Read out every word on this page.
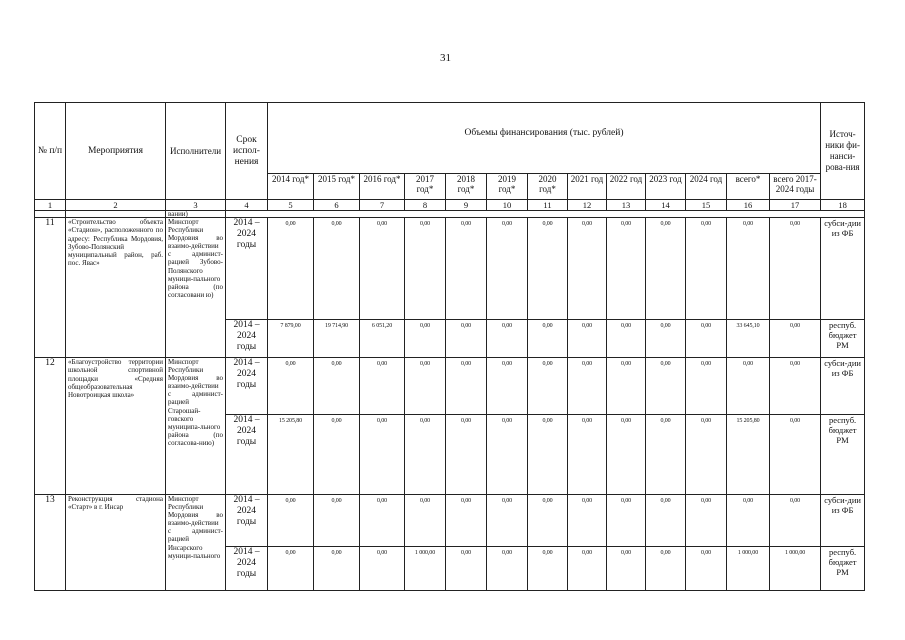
31
№ п/п	Мероприятия	Исполнители	Срок испол-нения	Объемы финансирования (тыс. рублей)													Источ-ники фи-нанси-рова-ния
				2014 год*	2015 год*	2016 год*	2017 год*	2018 год*	2019 год*	2020 год*	2021 год	2022 год	2023 год	2024 год	всего*	всего 2017-2024 годы	
1	2	3	4	5	6	7	8	9	10	11	12	13	14	15	16	17	18
		вании)															
11	«Строительство объекта «Стадион», расположенного по адресу: Республика Мордовия, Зубово-Полянский муниципальный район, раб. пос. Явас»	Минспорт Республики Мордовия во взаимо-действии с админист-рацией Зубово-Полянского муници-пального района (по согласовани ю)	2014 – 2024 годы	0,00	0,00	0,00	0,00	0,00	0,00	0,00	0,00	0,00	0,00	0,00	0,00	0,00	субси-дии из ФБ
			2014 – 2024 годы	7 879,00	19 714,90	6 051,20	0,00	0,00	0,00	0,00	0,00	0,00	0,00	0,00	33 645,10	0,00	респуб. бюджет РМ
12	«Благоустройство территории школьной спортивной площадки «Средняя общеобразовательная Новотроицкая школа»	Минспорт Республики Мордовия во взаимо-действии с админист-рацией Старошай-говского муниципа-льного района (по согласова-нию)	2014 – 2024 годы	0,00	0,00	0,00	0,00	0,00	0,00	0,00	0,00	0,00	0,00	0,00	0,00	0,00	субси-дии из ФБ
			2014 – 2024 годы	15 205,80	0,00	0,00	0,00	0,00	0,00	0,00	0,00	0,00	0,00	0,00	15 205,80	0,00	респуб. бюджет РМ
13	Реконструкция стадиона «Старт» в г. Инсар	Минспорт Республики Мордовия во взаимо-действии с админист-рацией Инсарского муници-пального	2014 – 2024 годы	0,00	0,00	0,00	0,00	0,00	0,00	0,00	0,00	0,00	0,00	0,00	0,00	0,00	субси-дии из ФБ
			2014 – 2024 годы	0,00	0,00	0,00	1 000,00	0,00	0,00	0,00	0,00	0,00	0,00	0,00	1 000,00	1 000,00	респуб. бюджет РМ
